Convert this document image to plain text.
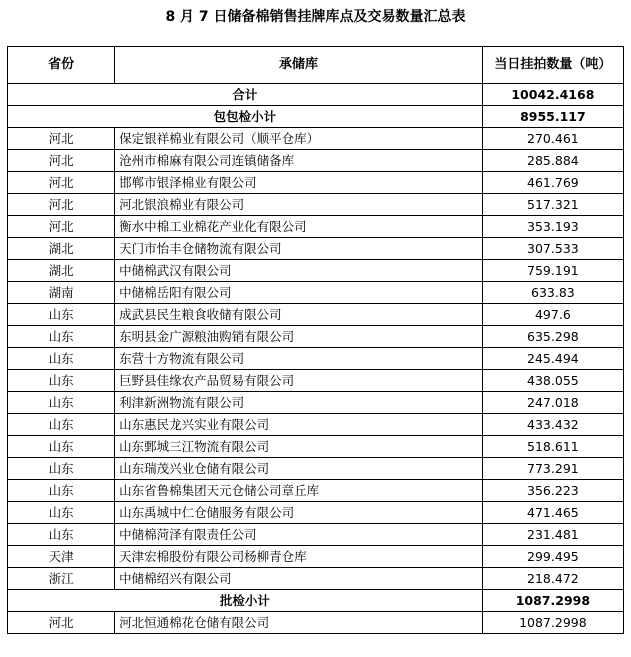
8 月 7 日储备棉销售挂牌库点及交易数量汇总表
省份	承储库	当日挂拍数量（吨）
合计		10042.4168
包包检小计		8955.117
河北	保定银祥棉业有限公司（顺平仓库）	270.461
河北	沧州市棉麻有限公司连镇储备库	285.884
河北	邯郸市银泽棉业有限公司	461.769
河北	河北银浪棉业有限公司	517.321
河北	衡水中棉工业棉花产业化有限公司	353.193
湖北	天门市怡丰仓储物流有限公司	307.533
湖北	中储棉武汉有限公司	759.191
湖南	中储棉岳阳有限公司	633.83
山东	成武县民生粮食收储有限公司	497.6
山东	东明县金广源粮油购销有限公司	635.298
山东	东营十方物流有限公司	245.494
山东	巨野县佳缘农产品贸易有限公司	438.055
山东	利津新洲物流有限公司	247.018
山东	山东惠民龙兴实业有限公司	433.432
山东	山东鄄城三江物流有限公司	518.611
山东	山东瑞茂兴业仓储有限公司	773.291
山东	山东省鲁棉集团天元仓储公司章丘库	356.223
山东	山东禹城中仁仓储服务有限公司	471.465
山东	中储棉菏泽有限责任公司	231.481
天津	天津宏棉股份有限公司杨柳青仓库	299.495
浙江	中储棉绍兴有限公司	218.472
批检小计		1087.2998
河北	河北恒通棉花仓储有限公司	1087.2998
